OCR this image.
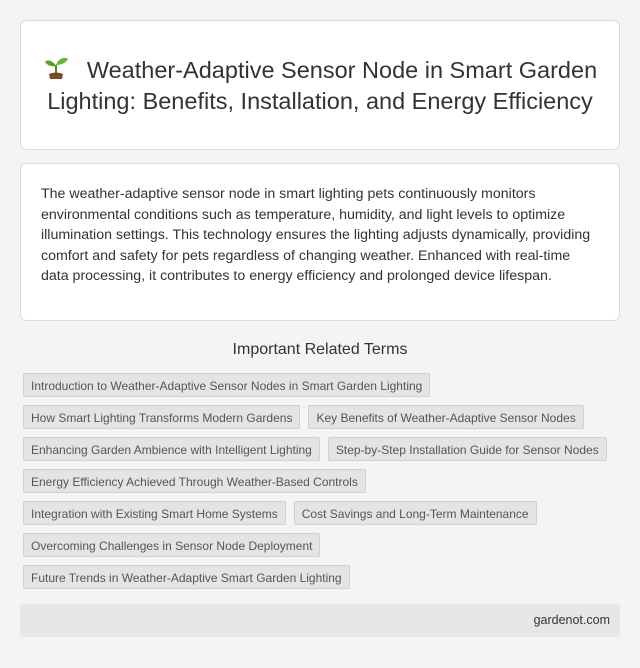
Weather-Adaptive Sensor Node in Smart Garden Lighting: Benefits, Installation, and Energy Efficiency

The weather-adaptive sensor node in smart lighting pets continuously monitors environmental conditions such as temperature, humidity, and light levels to optimize illumination settings. This technology ensures the lighting adjusts dynamically, providing comfort and safety for pets regardless of changing weather. Enhanced with real-time data processing, it contributes to energy efficiency and prolonged device lifespan.

Important Related Terms
Introduction to Weather-Adaptive Sensor Nodes in Smart Garden Lighting
How Smart Lighting Transforms Modern Gardens	Key Benefits of Weather-Adaptive Sensor Nodes
Enhancing Garden Ambience with Intelligent Lighting	Step-by-Step Installation Guide for Sensor Nodes
Energy Efficiency Achieved Through Weather-Based Controls
Integration with Existing Smart Home Systems	Cost Savings and Long-Term Maintenance
Overcoming Challenges in Sensor Node Deployment
Future Trends in Weather-Adaptive Smart Garden Lighting
gardenot.com
